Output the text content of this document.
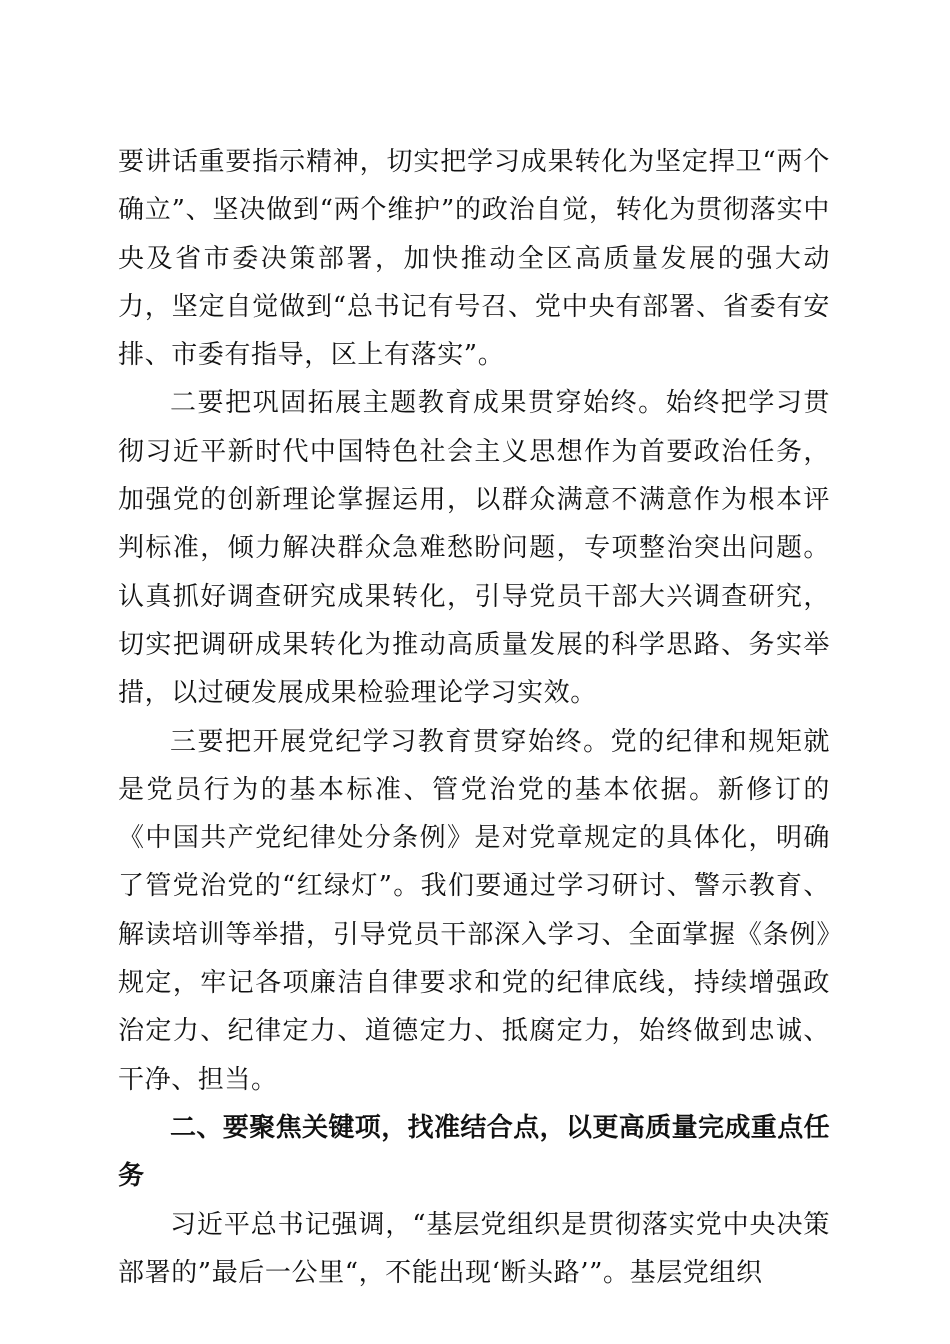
要讲话重要指示精神，切实把学习成果转化为坚定捍卫“两个确立”、坚决做到“两个维护”的政治自觉，转化为贯彻落实中央及省市委决策部署，加快推动全区高质量发展的强大动力，坚定自觉做到“总书记有号召、党中央有部署、省委有安排、市委有指导，区上有落实”。

二要把巩固拓展主题教育成果贯穿始终。始终把学习贯彻习近平新时代中国特色社会主义思想作为首要政治任务，加强党的创新理论掌握运用，以群众满意不满意作为根本评判标准，倾力解决群众急难愁盼问题，专项整治突出问题。认真抓好调查研究成果转化，引导党员干部大兴调查研究，切实把调研成果转化为推动高质量发展的科学思路、务实举措，以过硬发展成果检验理论学习实效。

三要把开展党纪学习教育贯穿始终。党的纪律和规矩就是党员行为的基本标准、管党治党的基本依据。新修订的《中国共产党纪律处分条例》是对党章规定的具体化，明确了管党治党的“红绿灯”。我们要通过学习研讨、警示教育、解读培训等举措，引导党员干部深入学习、全面掌握《条例》规定，牢记各项廉洁自律要求和党的纪律底线，持续增强政治定力、纪律定力、道德定力、抵腐定力，始终做到忠诚、干净、担当。

二、要聚焦关键项，找准结合点，以更高质量完成重点任务

习近平总书记强调，“基层党组织是贯彻落实党中央决策部署的”最后一公里“，不能出现‘断头路’”。基层党组织
